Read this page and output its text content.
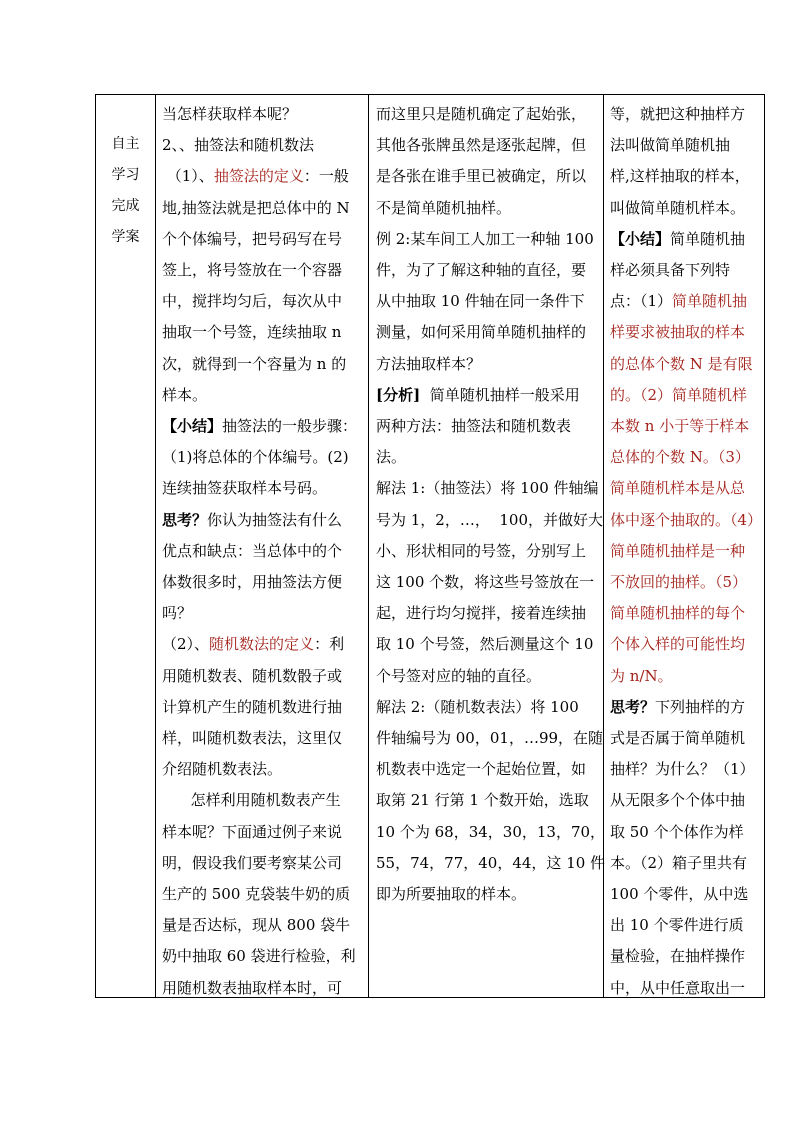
自主
学习
完成
学案

当怎样获取样本呢？

2、、抽签法和随机数法

（1）、抽签法的定义：一般

地,抽签法就是把总体中的 N

个个体编号，把号码写在号

签上，将号签放在一个容器

中，搅拌均匀后，每次从中

抽取一个号签，连续抽取 n

次，就得到一个容量为 n 的

样本。

【小结】抽签法的一般步骤：

（1)将总体的个体编号。(2)

连续抽签获取样本号码。

思考？你认为抽签法有什么

优点和缺点：当总体中的个

体数很多时，用抽签法方便

吗？

（2）、随机数法的定义：利

用随机数表、随机数骰子或

计算机产生的随机数进行抽

样，叫随机数表法，这里仅

介绍随机数表法。

怎样利用随机数表产生

样本呢？下面通过例子来说

明，假设我们要考察某公司

生产的 500 克袋装牛奶的质

量是否达标，现从 800 袋牛

奶中抽取 60 袋进行检验，利

用随机数表抽取样本时，可

而这里只是随机确定了起始张，

其他各张牌虽然是逐张起牌，但

是各张在谁手里已被确定，所以

不是简单随机抽样。

例 2:某车间工人加工一种轴 100

件，为了了解这种轴的直径，要

从中抽取 10 件轴在同一条件下

测量，如何采用简单随机抽样的

方法抽取样本？

[分析]  简单随机抽样一般采用

两种方法：抽签法和随机数表

法。

解法 1:（抽签法）将 100 件轴编

号为 1，2，…，  100，并做好大

小、形状相同的号签，分别写上

这 100 个数，将这些号签放在一

起，进行均匀搅拌，接着连续抽

取 10 个号签，然后测量这个 10

个号签对应的轴的直径。

解法 2:（随机数表法）将 100

件轴编号为 00，01，…99，在随

机数表中选定一个起始位置，如

取第 21 行第 1 个数开始，选取

10 个为 68，34，30，13，70，

55，74，77，40，44，这 10 件

即为所要抽取的样本。

等，就把这种抽样方

法叫做简单随机抽

样,这样抽取的样本，

叫做简单随机样本。

【小结】简单随机抽

样必须具备下列特

点：（1）简单随机抽

样要求被抽取的样本

的总体个数 N 是有限

的。（2）简单随机样

本数 n 小于等于样本

总体的个数 N。（3）

简单随机样本是从总

体中逐个抽取的。（4）

简单随机抽样是一种

不放回的抽样。（5）

简单随机抽样的每个

个体入样的可能性均

为 n/N。

思考？下列抽样的方

式是否属于简单随机

抽样？为什么？（1）

从无限多个个体中抽

取 50 个个体作为样

本。（2）箱子里共有

100 个零件，从中选

出 10 个零件进行质

量检验，在抽样操作

中，从中任意取出一
